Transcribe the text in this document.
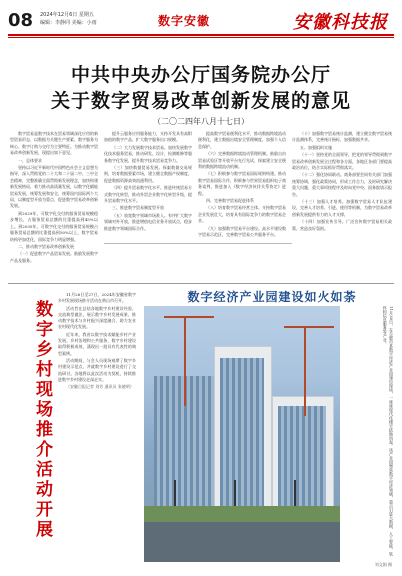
08 2024年12月6日 星期五
编辑：李静同 美编：小雨	数字安徽	安徽科技报
中共中央办公厅国务院办公厅
关于数字贸易改革创新发展的意见
（二〇二四年八月十七日）

数字贸易是数字技术在贸易领域深化应用的新型贸易形态，以数据为关键生产要素、数字服务为核心、数字订购与交付为主要特征。为推动数字贸易改革创新发展，现提出如下意见。

一、总体要求

坚持以习近平新时代中国特色社会主义思想为指导，深入贯彻党的二十大和二十届二中、三中全会精神，完整准确全面贯彻新发展理念，加快构建新发展格局，着力推动高质量发展，以数字化赋能贸易发展，统筹发展和安全，统筹国内国际两个大局，以制度型开放为重点，促进数字贸易改革创新发展。

到2029年，可数字化交付的服务贸易规模稳步增长，占服务贸易总额的比重提高到45%以上。到2035年，可数字化交付的服务贸易规模占服务贸易总额的比重提高到50%以上，数字贸易结构更加优化，国际竞争力明显增强。

二、推动数字贸易改革创新发展

（一）促进数字产品贸易发展。鼓励发展数字产品及服务。

提升云服务应用服务能力，支持开发具有高附加值的数字产品，扩大数字服务出口规模。

（二）大力发展数字技术贸易。加快发展数字化技术服务贸易，推动研发、设计、检测维修等服务数字化发展，提升数字技术贸易竞争力。

（三）加快数据贸易发展。探索数据交易规则，培育数据要素市场，建立健全数据产权制度，促进数据资源高效流通利用。

（四）提升贸易数字化水平。推进传统贸易方式数字化转型，推动外贸企业数字化转型升级，提升贸易数字化水平。

三、推进数字贸易制度型开放

（五）放宽数字领域市场准入。有序扩大数字领域对外开放，推进增值电信业务开放试点，稳步推进数字领域国际合作。

提高数字贸易便利化水平，推动数据跨境流动便利化，建立数据出境安全管理制度，加强个人信息保护。

（六）完善数据跨境流动管理机制。鼓励自由贸易试验区等开放平台先行先试，探索建立安全便利的数据跨境流动机制。

（七）积极参与数字贸易国际规则构建。推动数字贸易国际合作，积极参与世界贸易组织电子商务谈判，推进加入《数字经济伙伴关系协定》进程。

四、完善数字贸易促进体系

（八）培育数字贸易经营主体。支持数字贸易企业发展壮大，培育具有国际竞争力的数字贸易企业。

（九）加强数字贸易平台建设。高水平建设数字贸易示范区，完善数字贸易公共服务平台。

（十）加强数字贸易统计监测，建立健全数字贸易统计监测体系，完善统计指标，加强数据共享。

五、加强组织实施

（十一）坚持党的全面领导。把党的领导贯彻到数字贸易改革创新发展全过程和各方面，各地区各部门要提高政治站位，结合实际抓好贯彻落实。

（十二）强化协同联动。商务部要会同有关部门加强统筹协调，强化政策协同，形成工作合力，及时研究解决重大问题，重大事项按程序及时向党中央、国务院请示报告。

（十三）加强人才培养。加强数字贸易人才队伍建设，完善人才培养、引进、使用等机制，为数字贸易改革创新发展提供有力的人才支撑。

（十四）加强宣传引导。广泛宣传数字贸易相关政策，营造良好氛围。

数字乡村现场推介活动开展

11月26日至27日，2024年安徽省数字乡村发展现场推介活动在黄山市召开。

活动旨在总结各地数字乡村建设经验，交流典型做法，展示数字乡村发展成果，推动数字技术与乡村振兴深度融合，助力农业农村现代化发展。

近年来，我省以数字技术赋能乡村产业发展、乡村治理和公共服务，数字乡村建设取得积极成效，涌现出一批具有代表性的典型案例。

活动期间，与会人员现场观摩了数字乡村建设示范点，并就数字乡村建设进行了交流研讨。各地将以此次活动为契机，持续推进数字乡村建设走深走实。

（安徽日报记者 刘芳 通讯员 张晓明）

数字经济产业园建设如火如荼
11月30日，在合肥市某数字经济产业园建设现场，一座座现代化楼宇拔地而起。该产业园聚焦数字经济领域，重点引进大数据、人工智能、软件和信息服务等产业。
刘文娟 摄
